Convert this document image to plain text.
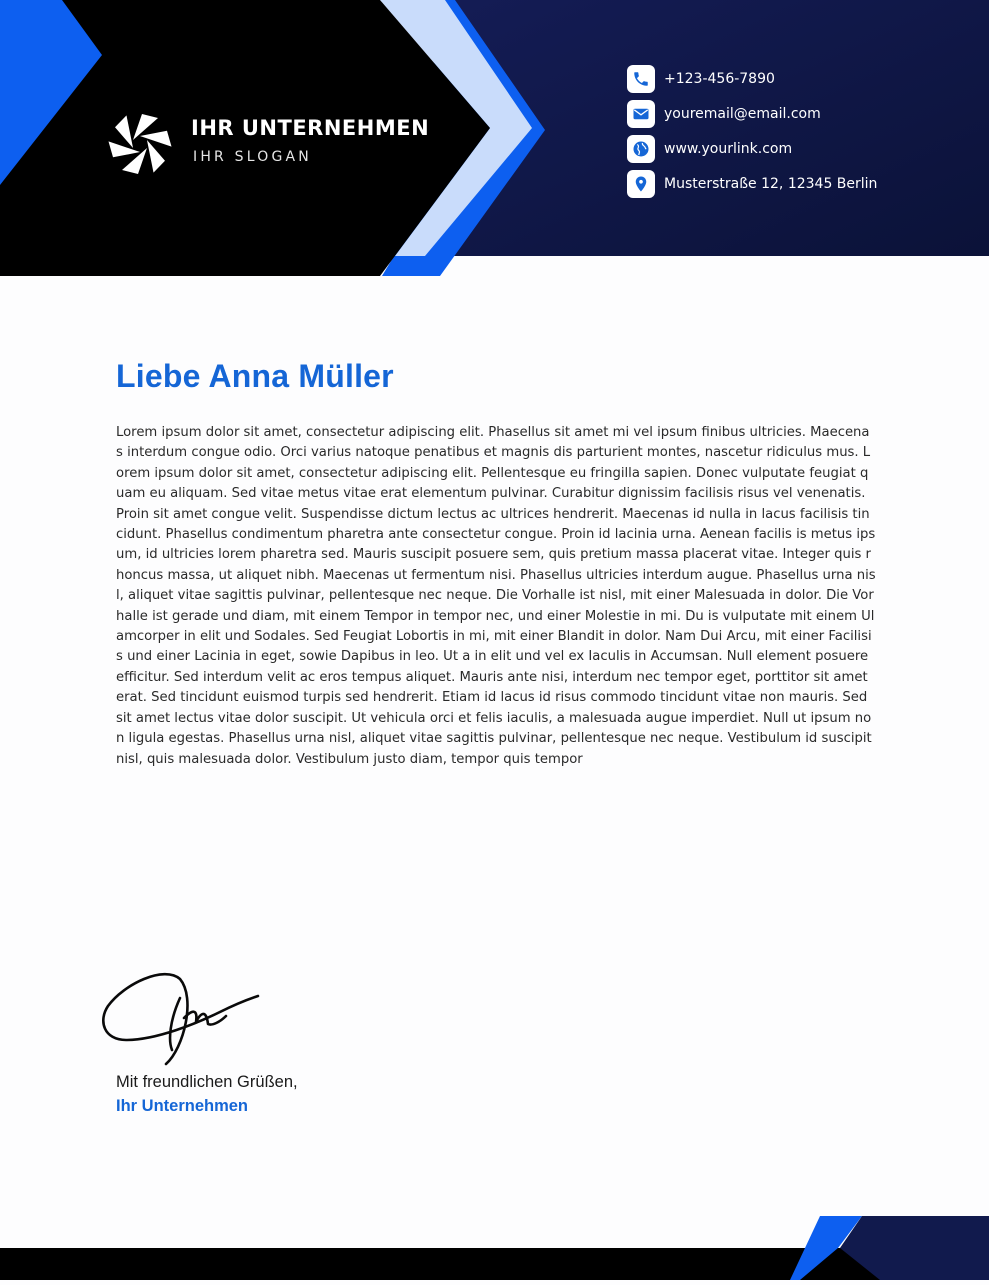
IHR UNTERNEHMEN
IHR SLOGAN
+123-456-7890
youremail@email.com
www.yourlink.com
Musterstraße 12, 12345 Berlin
Liebe Anna Müller

Lorem ipsum dolor sit amet, consectetur adipiscing elit. Phasellus sit amet mi vel ipsum finibus ultricies. Maecenas interdum congue odio. Orci varius natoque penatibus et magnis dis parturient montes, nascetur ridiculus mus. Lorem ipsum dolor sit amet, consectetur adipiscing elit. Pellentesque eu fringilla sapien. Donec vulputate feugiat quam eu aliquam. Sed vitae metus vitae erat elementum pulvinar. Curabitur dignissim facilisis risus vel venenatis. Proin sit amet congue velit. Suspendisse dictum lectus ac ultrices hendrerit. Maecenas id nulla in lacus facilisis tincidunt. Phasellus condimentum pharetra ante consectetur congue. Proin id lacinia urna. Aenean facilis is metus ipsum, id ultricies lorem pharetra sed. Mauris suscipit posuere sem, quis pretium massa placerat vitae. Integer quis rhoncus massa, ut aliquet nibh. Maecenas ut fermentum nisi. Phasellus ultricies interdum augue. Phasellus urna nisl, aliquet vitae sagittis pulvinar, pellentesque nec neque. Die Vorhalle ist nisl, mit einer Malesuada in dolor. Die Vorhalle ist gerade und diam, mit einem Tempor in tempor nec, und einer Molestie in mi. Du is vulputate mit einem Ulamcorper in elit und Sodales. Sed Feugiat Lobortis in mi, mit einer Blandit in dolor. Nam Dui Arcu, mit einer Facilisis und einer Lacinia in eget, sowie Dapibus in leo. Ut a in elit und vel ex Iaculis in Accumsan. Null element posuere efficitur. Sed interdum velit ac eros tempus aliquet. Mauris ante nisi, interdum nec tempor eget, porttitor sit amet erat. Sed tincidunt euismod turpis sed hendrerit. Etiam id lacus id risus commodo tincidunt vitae non mauris. Sed sit amet lectus vitae dolor suscipit. Ut vehicula orci et felis iaculis, a malesuada augue imperdiet. Null ut ipsum non ligula egestas. Phasellus urna nisl, aliquet vitae sagittis pulvinar, pellentesque nec neque. Vestibulum id suscipit nisl, quis malesuada dolor. Vestibulum justo diam, tempor quis tempor

Mit freundlichen Grüßen,
Ihr Unternehmen
